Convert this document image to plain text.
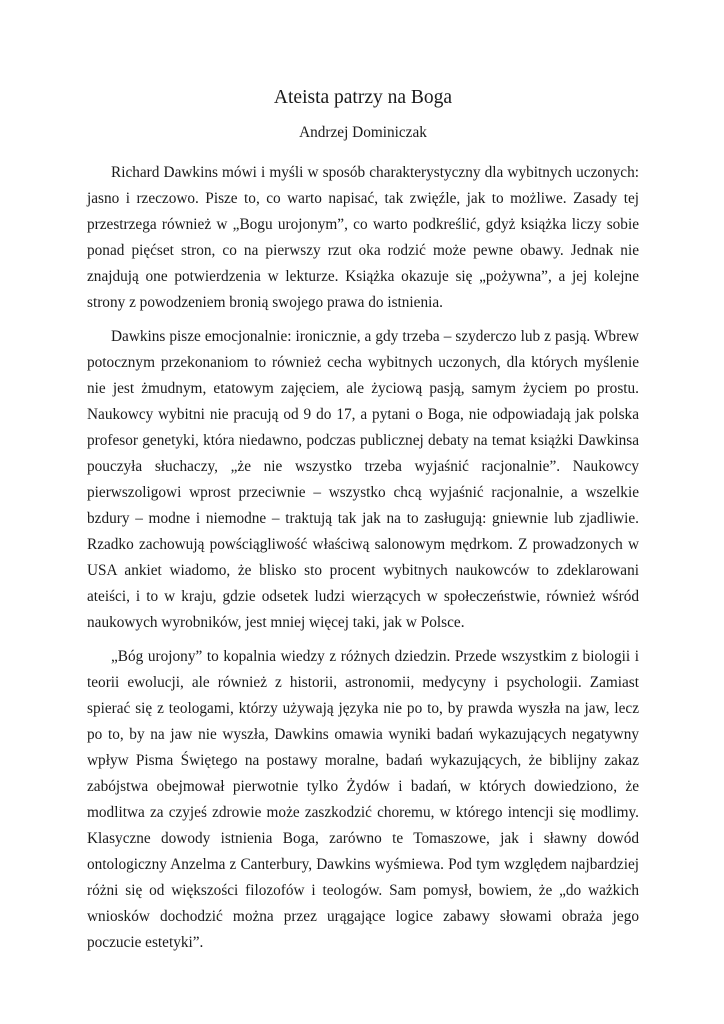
Ateista patrzy na Boga
Andrzej Dominiczak

Richard Dawkins mówi i myśli w sposób charakterystyczny dla wybitnych uczonych: jasno i rzeczowo. Pisze to, co warto napisać, tak zwięźle, jak to możliwe. Zasady tej przestrzega również w „Bogu urojonym”, co warto podkreślić, gdyż książka liczy sobie ponad pięćset stron, co na pierwszy rzut oka rodzić może pewne obawy. Jednak nie znajdują one potwierdzenia w lekturze. Książka okazuje się „pożywna”, a jej kolejne strony z powodzeniem bronią swojego prawa do istnienia.

Dawkins pisze emocjonalnie: ironicznie, a gdy trzeba – szyderczo lub z pasją. Wbrew potocznym przekonaniom to również cecha wybitnych uczonych, dla których myślenie nie jest żmudnym, etatowym zajęciem, ale życiową pasją, samym życiem po prostu. Naukowcy wybitni nie pracują od 9 do 17, a pytani o Boga, nie odpowiadają jak polska profesor genetyki, która niedawno, podczas publicznej debaty na temat książki Dawkinsa pouczyła słuchaczy, „że nie wszystko trzeba wyjaśnić racjonalnie”. Naukowcy pierwszoligowi wprost przeciwnie – wszystko chcą wyjaśnić racjonalnie, a wszelkie bzdury – modne i niemodne – traktują tak jak na to zasługują: gniewnie lub zjadliwie. Rzadko zachowują powściągliwość właściwą salonowym mędrkom. Z prowadzonych w USA ankiet wiadomo, że blisko sto procent wybitnych naukowców to zdeklarowani ateiści, i to w kraju, gdzie odsetek ludzi wierzących w społeczeństwie, również wśród naukowych wyrobników, jest mniej więcej taki, jak w Polsce.

„Bóg urojony” to kopalnia wiedzy z różnych dziedzin. Przede wszystkim z biologii i teorii ewolucji, ale również z historii, astronomii, medycyny i psychologii. Zamiast spierać się z teologami, którzy używają języka nie po to, by prawda wyszła na jaw, lecz po to, by na jaw nie wyszła, Dawkins omawia wyniki badań wykazujących negatywny wpływ Pisma Świętego na postawy moralne, badań wykazujących, że biblijny zakaz zabójstwa obejmował pierwotnie tylko Żydów i badań, w których dowiedziono, że modlitwa za czyjeś zdrowie może zaszkodzić choremu, w którego intencji się modlimy. Klasyczne dowody istnienia Boga, zarówno te Tomaszowe, jak i sławny dowód ontologiczny Anzelma z Canterbury, Dawkins wyśmiewa. Pod tym względem najbardziej różni się od większości filozofów i teologów. Sam pomysł, bowiem, że „do ważkich wniosków dochodzić można przez urągające logice zabawy słowami obraża jego poczucie estetyki”.
